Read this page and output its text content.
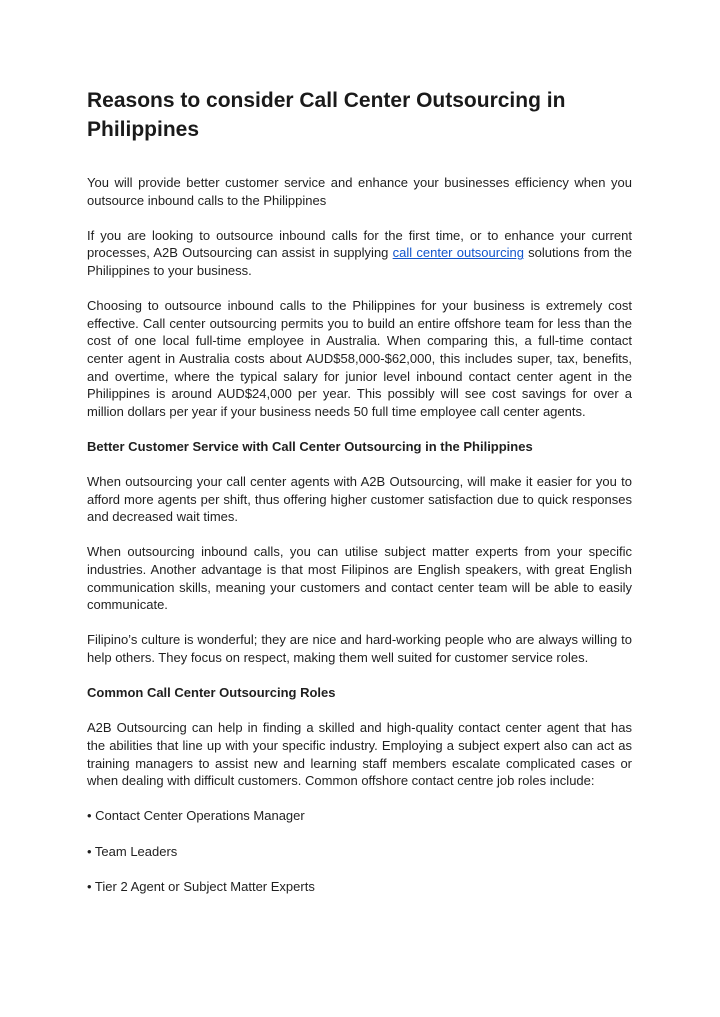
Reasons to consider Call Center Outsourcing in Philippines

You will provide better customer service and enhance your businesses efficiency when you outsource inbound calls to the Philippines

If you are looking to outsource inbound calls for the first time, or to enhance your current processes, A2B Outsourcing can assist in supplying call center outsourcing solutions from the Philippines to your business.

Choosing to outsource inbound calls to the Philippines for your business is extremely cost effective. Call center outsourcing permits you to build an entire offshore team for less than the cost of one local full-time employee in Australia. When comparing this, a full-time contact center agent in Australia costs about AUD$58,000-$62,000, this includes super, tax, benefits, and overtime, where the typical salary for junior level inbound contact center agent in the Philippines is around AUD$24,000 per year. This possibly will see cost savings for over a million dollars per year if your business needs 50 full time employee call center agents.

Better Customer Service with Call Center Outsourcing in the Philippines

When outsourcing your call center agents with A2B Outsourcing, will make it easier for you to afford more agents per shift, thus offering higher customer satisfaction due to quick responses and decreased wait times.

When outsourcing inbound calls, you can utilise subject matter experts from your specific industries. Another advantage is that most Filipinos are English speakers, with great English communication skills, meaning your customers and contact center team will be able to easily communicate.

Filipino’s culture is wonderful; they are nice and hard-working people who are always willing to help others. They focus on respect, making them well suited for customer service roles.

Common Call Center Outsourcing Roles

A2B Outsourcing can help in finding a skilled and high-quality contact center agent that has the abilities that line up with your specific industry. Employing a subject expert also can act as training managers to assist new and learning staff members escalate complicated cases or when dealing with difficult customers. Common offshore contact centre job roles include:

• Contact Center Operations Manager

• Team Leaders

• Tier 2 Agent or Subject Matter Experts
